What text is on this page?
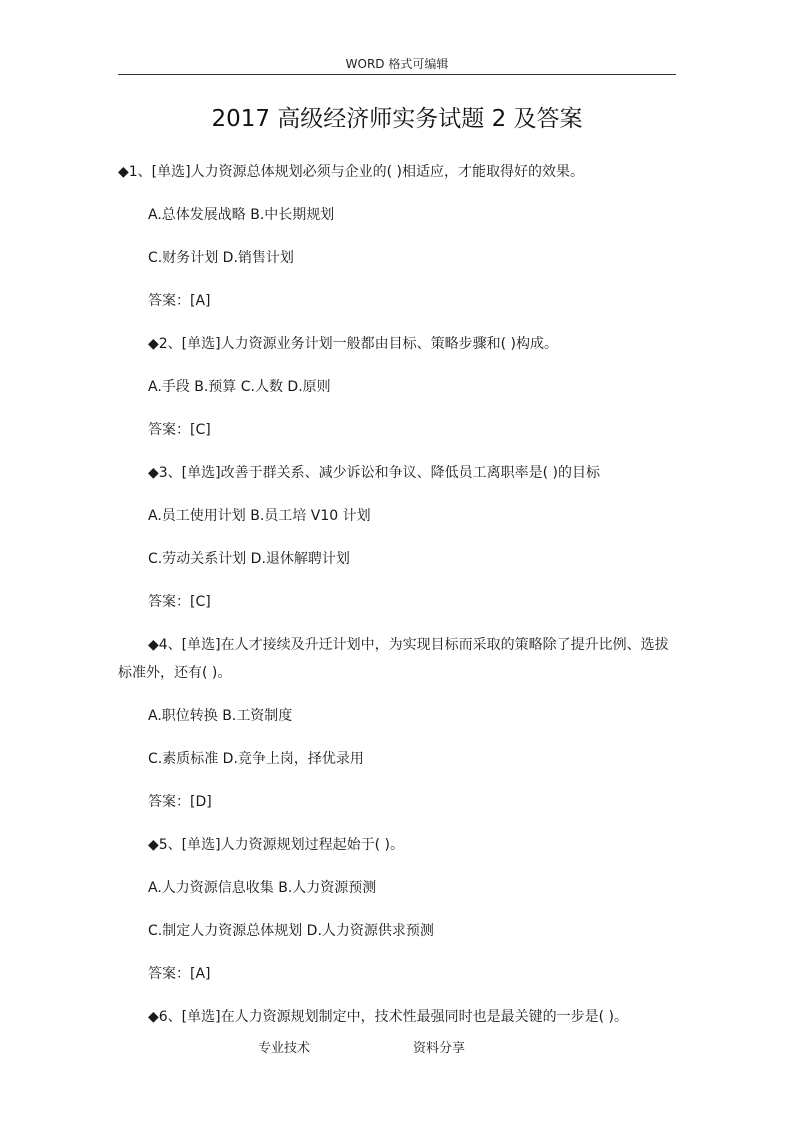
WORD 格式可编辑
2017 高级经济师实务试题 2 及答案
◆1、[单选]人力资源总体规划必须与企业的( )相适应，才能取得好的效果。
A.总体发展战略 B.中长期规划
C.财务计划 D.销售计划
答案：[A]
◆2、[单选]人力资源业务计划一般都由目标、策略步骤和( )构成。
A.手段 B.预算 C.人数 D.原则
答案：[C]
◆3、[单选]改善于群关系、减少诉讼和争议、降低员工离职率是( )的目标
A.员工使用计划 B.员工培 V10 计划
C.劳动关系计划 D.退休解聘计划
答案：[C]
◆4、[单选]在人才接续及升迁计划中，为实现目标而采取的策略除了提升比例、选拔标准外，还有( )。
A.职位转换 B.工资制度
C.素质标准 D.竞争上岗，择优录用
答案：[D]
◆5、[单选]人力资源规划过程起始于( )。
A.人力资源信息收集 B.人力资源预测
C.制定人力资源总体规划 D.人力资源供求预测
答案：[A]
◆6、[单选]在人力资源规划制定中，技术性最强同时也是最关键的一步是( )。
专业技术	资料分享
